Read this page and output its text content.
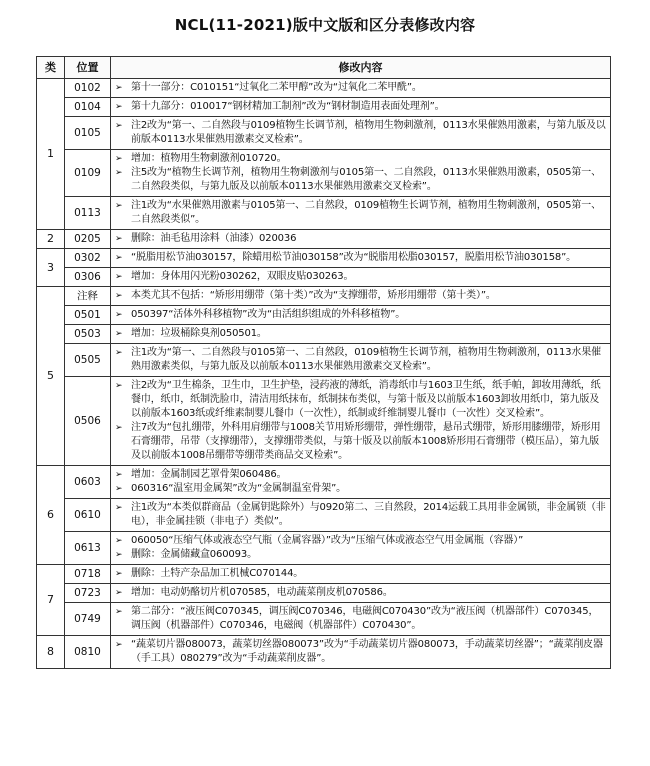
NCL(11-2021)版中文版和区分表修改内容
类	位置	修改内容
1	0102	➢ 第十一部分：C010151“过氧化二苯甲醇”改为“过氧化二苯甲酰”。

	0104	➢ 第十九部分：010017“钢材精加工制剂”改为“钢材制造用表面处理剂”。

	0105	➢ 注2改为“第一、二自然段与0109植物生长调节剂，植物用生物刺激剂，0113水果催熟用激素，与第九版及以前版本0113水果催熟用激素交叉检索”。

	0109	➢ 增加：植物用生物刺激剂010720。
➢ 注5改为“植物生长调节剂，植物用生物刺激剂与0105第一、二自然段，0113水果催熟用激素，0505第一、二自然段类似，与第九版及以前版本0113水果催熟用激素交叉检索”。

	0113	➢ 注1改为“水果催熟用激素与0105第一、二自然段，0109植物生长调节剂，植物用生物刺激剂，0505第一、二自然段类似”。

2	0205	➢ 删除：油毛毡用涂料（油漆）020036

3	0302	➢ “脱脂用松节油030157，除蜡用松节油030158”改为“脱脂用松脂030157，脱脂用松节油030158”。

	0306	➢ 增加：身体用闪光粉030262，双眼皮贴030263。

5	注释	➢ 本类尤其不包括：“矫形用绷带（第十类）”改为“支撑绷带，矫形用绷带（第十类）”。

	0501	➢ 050397“活体外科移植物”改为“由活组织组成的外科移植物”。

	0503	➢ 增加：垃圾桶除臭剂050501。

	0505	➢ 注1改为“第一、二自然段与0105第一、二自然段，0109植物生长调节剂，植物用生物刺激剂，0113水果催熟用激素类似，与第九版及以前版本0113水果催熟用激素交叉检索”。

	0506	➢ 注2改为“卫生棉条，卫生巾，卫生护垫，浸药液的薄纸，消毒纸巾与1603卫生纸，纸手帕，卸妆用薄纸，纸餐巾，纸巾，纸制洗脸巾，清洁用纸抹布，纸制抹布类似，与第十版及以前版本1603卸妆用纸巾，第九版及以前版本1603纸或纤维素制婴儿餐巾（一次性），纸制或纤维制婴儿餐巾（一次性）交叉检索”。
➢ 注7改为“包扎绷带，外科用肩绷带与1008关节用矫形绷带，弹性绷带，悬吊式绷带，矫形用膝绷带，矫形用石膏绷带，吊带（支撑绷带），支撑绷带类似，与第十版及以前版本1008矫形用石膏绷带（模压品），第九版及以前版本1008吊绷带等绷带类商品交叉检索”。

6	0603	➢ 增加：金属制园艺罩骨架060486。
➢ 060316“温室用金属架”改为“金属制温室骨架”。

	0610	➢ 注1改为“本类似群商品（金属钥匙除外）与0920第二、三自然段，2014运载工具用非金属锁，非金属锁（非电），非金属挂锁（非电子）类似”。

	0613	➢ 060050“压缩气体或液态空气瓶（金属容器）”改为“压缩气体或液态空气用金属瓶（容器）”
➢ 删除：金属储藏盒060093。

7	0718	➢ 删除：土特产杂品加工机械C070144。

	0723	➢ 增加：电动奶酪切片机070585，电动蔬菜削皮机070586。

	0749	➢ 第二部分：“液压阀C070345，调压阀C070346，电磁阀C070430”改为“液压阀（机器部件）C070345，调压阀（机器部件）C070346，电磁阀（机器部件）C070430”。

8	0810	➢ “蔬菜切片器080073，蔬菜切丝器080073”改为“手动蔬菜切片器080073，手动蔬菜切丝器”；“蔬菜削皮器（手工具）080279”改为“手动蔬菜削皮器”。
